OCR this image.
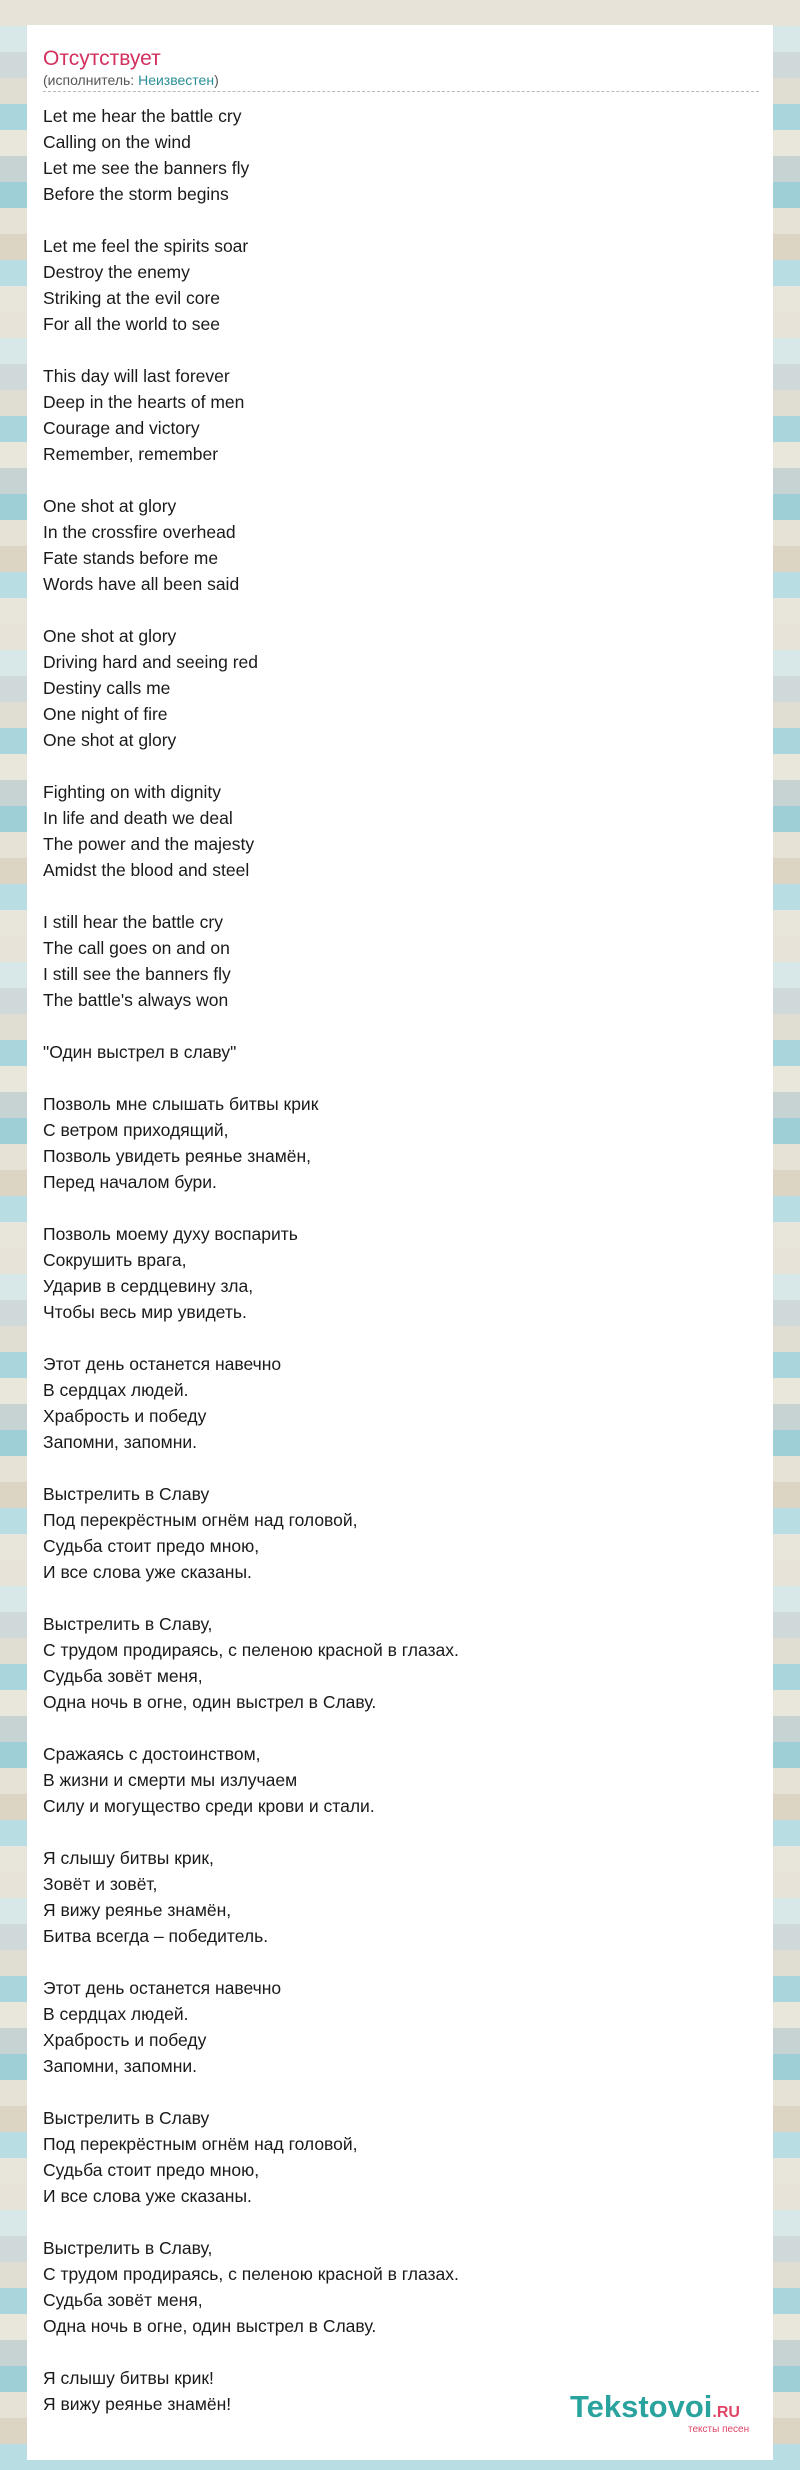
Отсутствует
(исполнитель: Неизвестен)
Let me hear the battle cry
Calling on the wind
Let me see the banners fly
Before the storm begins

Let me feel the spirits soar
Destroy the enemy
Striking at the evil core
For all the world to see

This day will last forever
Deep in the hearts of men
Courage and victory
Remember, remember

One shot at glory
In the crossfire overhead
Fate stands before me
Words have all been said

One shot at glory
Driving hard and seeing red
Destiny calls me
One night of fire
One shot at glory

Fighting on with dignity
In life and death we deal
The power and the majesty
Amidst the blood and steel

I still hear the battle cry
The call goes on and on
I still see the banners fly
The battle's always won

"Один выстрел в славу"

Позволь мне слышать битвы крик
С ветром приходящий,
Позволь увидеть реянье знамён,
Перед началом бури.

Позволь моему духу воспарить
Сокрушить врага,
Ударив в сердцевину зла,
Чтобы весь мир увидеть.

Этот день останется навечно
В сердцах людей.
Храбрость и победу
Запомни, запомни.

Выстрелить в Славу
Под перекрёстным огнём над головой,
Судьба стоит предо мною,
И все слова уже сказаны.

Выстрелить в Славу,
С трудом продираясь, с пеленою красной в глазах.
Судьба зовёт меня,
Одна ночь в огне, один выстрел в Славу.

Сражаясь с достоинством,
В жизни и смерти мы излучаем
Силу и могущество среди крови и стали.

Я слышу битвы крик,
Зовёт и зовёт,
Я вижу реянье знамён,
Битва всегда – победитель.

Этот день останется навечно
В сердцах людей.
Храбрость и победу
Запомни, запомни.

Выстрелить в Славу
Под перекрёстным огнём над головой,
Судьба стоит предо мною,
И все слова уже сказаны.

Выстрелить в Славу,
С трудом продираясь, с пеленою красной в глазах.
Судьба зовёт меня,
Одна ночь в огне, один выстрел в Славу.

Я слышу битвы крик!
Я вижу реянье знамён!	Tekstovoi.RU
тексты песен
